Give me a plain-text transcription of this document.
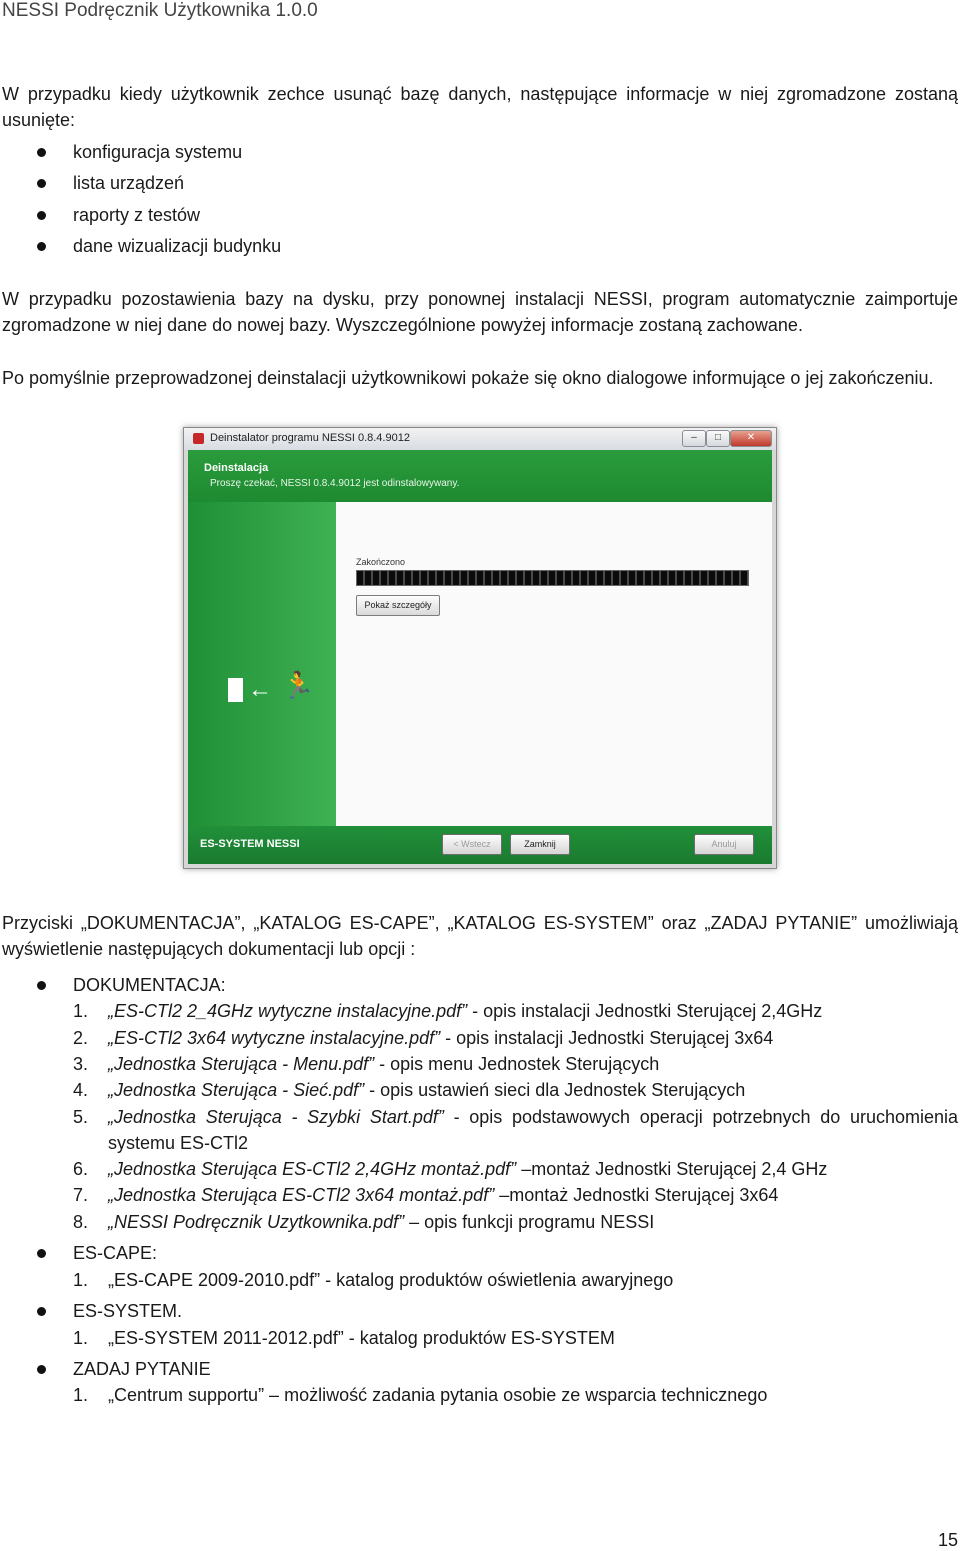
NESSI Podręcznik Użytkownika 1.0.0

W przypadku kiedy użytkownik zechce usunąć bazę danych, następujące informacje w niej zgromadzone zostaną usunięte:

konfiguracja systemu
lista urządzeń
raporty z testów
dane wizualizacji budynku

W przypadku pozostawienia bazy na dysku, przy ponownej instalacji NESSI, program automatycznie zaimportuje zgromadzone w niej dane do nowej bazy. Wyszczególnione powyżej informacje zostaną zachowane.

Po pomyślnie przeprowadzonej deinstalacji użytkownikowi pokaże się okno dialogowe informujące o jej zakończeniu.

Deinstalator programu NESSI 0.8.4.9012	–	□	✕
Deinstalacja
Proszę czekać, NESSI 0.8.4.9012 jest odinstalowywany.
← 🏃
Zakończono
Pokaż szczegóły
ES-SYSTEM NESSI	< Wstecz	Zamknij	Anuluj

Przyciski „DOKUMENTACJA”, „KATALOG ES-CAPE”, „KATALOG ES-SYSTEM” oraz „ZADAJ PYTANIE” umożliwiają wyświetlenie następujących dokumentacji lub opcji :

DOKUMENTACJA:
1. „ES-CTl2 2_4GHz wytyczne instalacyjne.pdf” - opis instalacji Jednostki Sterującej 2,4GHz
2. „ES-CTl2 3x64 wytyczne instalacyjne.pdf” - opis instalacji Jednostki Sterującej 3x64
3. „Jednostka Sterująca - Menu.pdf” - opis menu Jednostek Sterujących
4. „Jednostka Sterująca - Sieć.pdf” - opis ustawień sieci dla Jednostek Sterujących
5. „Jednostka Sterująca - Szybki Start.pdf” - opis podstawowych operacji potrzebnych do uruchomienia systemu ES-CTl2
6. „Jednostka Sterująca ES-CTl2 2,4GHz montaż.pdf” –montaż Jednostki Sterującej 2,4 GHz
7. „Jednostka Sterująca ES-CTl2 3x64 montaż.pdf” –montaż Jednostki Sterującej 3x64
8. „NESSI Podręcznik Uzytkownika.pdf” – opis funkcji programu NESSI
ES-CAPE:
1. „ES-CAPE 2009-2010.pdf” - katalog produktów oświetlenia awaryjnego
ES-SYSTEM.
1. „ES-SYSTEM 2011-2012.pdf” - katalog produktów ES-SYSTEM
ZADAJ PYTANIE
1. „Centrum supportu” – możliwość zadania pytania osobie ze wsparcia technicznego
15
